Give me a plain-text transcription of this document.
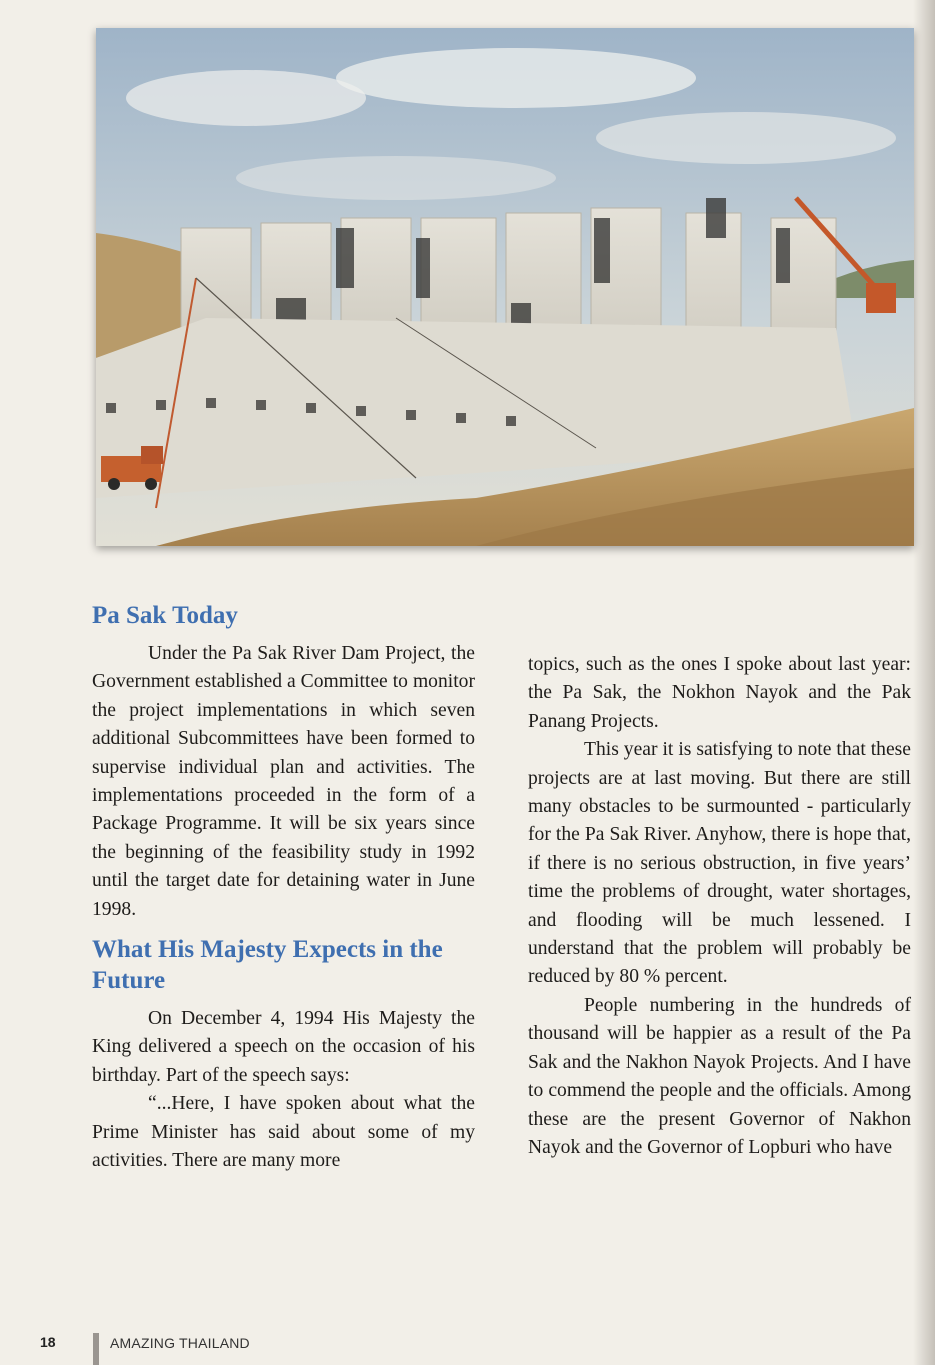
Pa Sak Today

Under the Pa Sak River Dam Project, the Government established a Committee to monitor the project implementations in which seven additional Subcommittees have been formed to supervise individual plan and activities. The implementations proceeded in the form of a Package Programme. It will be six years since the beginning of the feasibility study in 1992 until the target date for detaining water in June 1998.

What His Majesty Expects in the Future

On December 4, 1994 His Majesty the King delivered a speech on the occasion of his birthday. Part of the speech says:

“...Here, I have spoken about what the Prime Minister has said about some of my activities. There are many more

topics, such as the ones I spoke about last year: the Pa Sak, the Nokhon Nayok and the Pak Panang Projects.

This year it is satisfying to note that these projects are at last moving. But there are still many obstacles to be surmounted - particularly for the Pa Sak River. Anyhow, there is hope that, if there is no serious obstruction, in five years’ time the problems of drought, water shortages, and flooding will be much lessened. I understand that the problem will probably be reduced by 80 % percent.

People numbering in the hundreds of thousand will be happier as a result of the Pa Sak and the Nakhon Nayok Projects. And I have to commend the people and the officials. Among these are the present Governor of Nakhon Nayok and the Governor of Lopburi who have

18	AMAZING THAILAND
